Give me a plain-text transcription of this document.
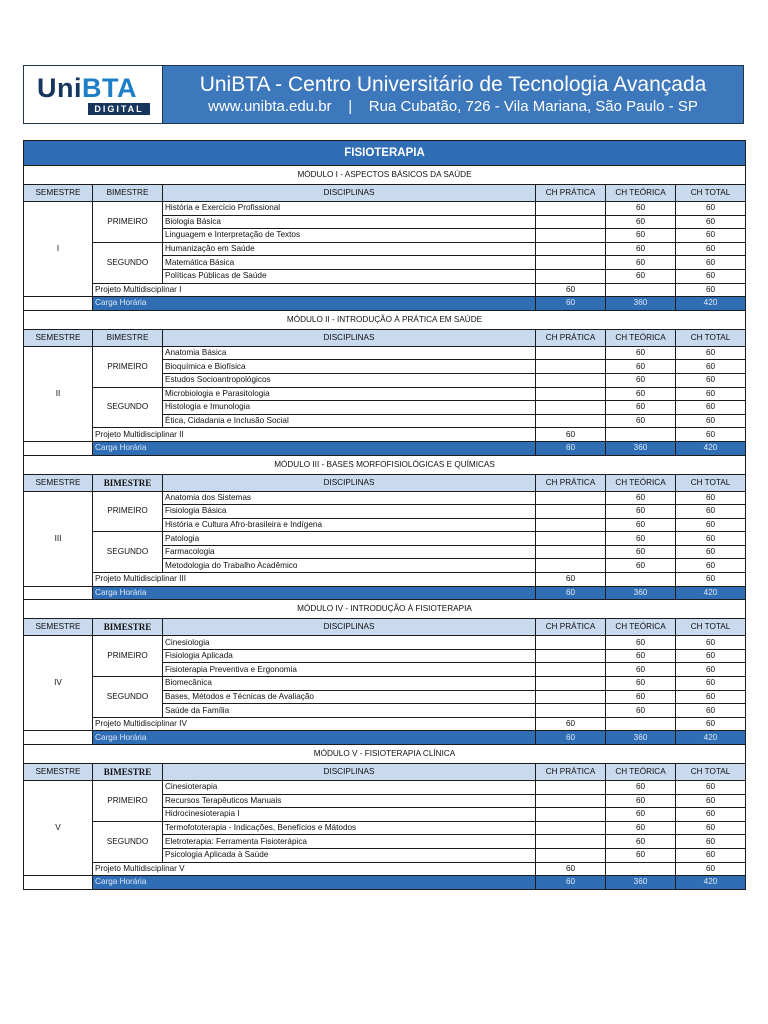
UniBTA
DIGITAL
UniBTA - Centro Universitário de Tecnologia Avançada
www.unibta.edu.br    |    Rua Cubatão, 726 - Vila Mariana, São Paulo - SP
FISIOTERAPIA					
MÓDULO I - ASPECTOS BÁSICOS DA SAÚDE					
SEMESTRE	BIMESTRE	DISCIPLINAS	CH PRÁTICA	CH TEÓRICA	CH TOTAL
I	PRIMEIRO	História e Exercício Profissional		60	60
		Biologia Básica		60	60
		Linguagem e Interpretação de Textos		60	60
	SEGUNDO	Humanização em Saúde		60	60
		Matemática Básica		60	60
		Políticas Públicas de Saúde		60	60
	Projeto Multidisciplinar I		60		60
	Carga Horária		60	360	420
MÓDULO II - INTRODUÇÃO À PRÁTICA EM SAÚDE					
SEMESTRE	BIMESTRE	DISCIPLINAS	CH PRÁTICA	CH TEÓRICA	CH TOTAL
II	PRIMEIRO	Anatomia Básica		60	60
		Bioquímica e Biofísica		60	60
		Estudos Socioantropológicos		60	60
	SEGUNDO	Microbiologia e Parasitologia		60	60
		Histologia e Imunologia		60	60
		Ética, Cidadania e Inclusão Social		60	60
	Projeto Multidisciplinar II		60		60
	Carga Horária		60	360	420
MÓDULO III - BASES MORFOFISIOLÓGICAS E QUÍMICAS					
SEMESTRE	BIMESTRE	DISCIPLINAS	CH PRÁTICA	CH TEÓRICA	CH TOTAL
III	PRIMEIRO	Anatomia dos Sistemas		60	60
		Fisiologia Básica		60	60
		História e Cultura Afro-brasileira e Indígena		60	60
	SEGUNDO	Patologia		60	60
		Farmacologia		60	60
		Metodologia do Trabalho Acadêmico		60	60
	Projeto Multidisciplinar III		60		60
	Carga Horária		60	360	420
MÓDULO IV - INTRODUÇÃO À FISIOTERAPIA					
SEMESTRE	BIMESTRE	DISCIPLINAS	CH PRÁTICA	CH TEÓRICA	CH TOTAL
IV	PRIMEIRO	Cinesiologia		60	60
		Fisiologia Aplicada		60	60
		Fisioterapia Preventiva e Ergonomia		60	60
	SEGUNDO	Biomecânica		60	60
		Bases, Métodos e Técnicas de Avaliação		60	60
		Saúde da Família		60	60
	Projeto Multidisciplinar IV		60		60
	Carga Horária		60	360	420
MÓDULO V - FISIOTERAPIA CLÍNICA					
SEMESTRE	BIMESTRE	DISCIPLINAS	CH PRÁTICA	CH TEÓRICA	CH TOTAL
V	PRIMEIRO	Cinesioterapia		60	60
		Recursos Terapêuticos Manuais		60	60
		Hidrocinesioterapia I		60	60
	SEGUNDO	Termofototerapia - Indicações, Benefícios e Mátodos		60	60
		Eletroterapia: Ferramenta Fisioterápica		60	60
		Psicologia Aplicada à Saúde		60	60
	Projeto Multidisciplinar V		60		60
	Carga Horária		60	360	420
